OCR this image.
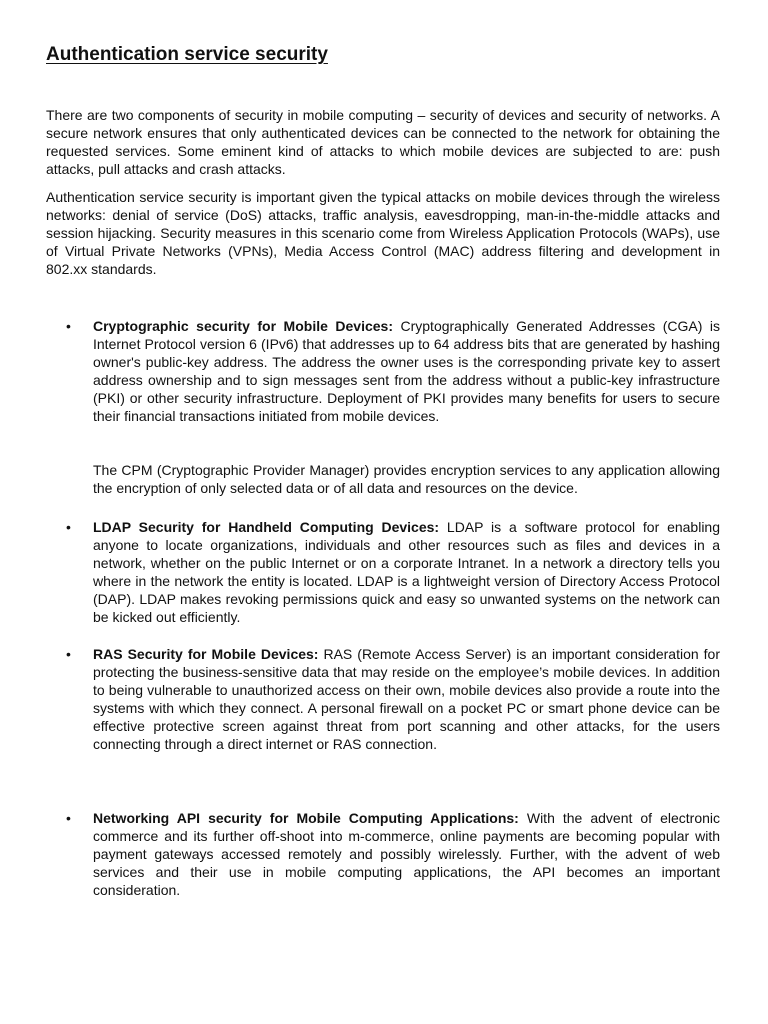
Authentication service security

There are two components of security in mobile computing – security of devices and security of networks. A secure network ensures that only authenticated devices can be connected to the network for obtaining the requested services. Some eminent kind of attacks to which mobile devices are subjected to are: push attacks, pull attacks and crash attacks.

Authentication service security is important given the typical attacks on mobile devices through the wireless networks: denial of service (DoS) attacks, traffic analysis, eavesdropping, man-in-the-middle attacks and session hijacking. Security measures in this scenario come from Wireless Application Protocols (WAPs), use of Virtual Private Networks (VPNs), Media Access Control (MAC) address filtering and development in 802.xx standards.

• Cryptographic security for Mobile Devices: Cryptographically Generated Addresses (CGA) is Internet Protocol version 6 (IPv6) that addresses up to 64 address bits that are generated by hashing owner's public-key address. The address the owner uses is the corresponding private key to assert address ownership and to sign messages sent from the address without a public-key infrastructure (PKI) or other security infrastructure. Deployment of PKI provides many benefits for users to secure their financial transactions initiated from mobile devices.

The CPM (Cryptographic Provider Manager) provides encryption services to any application allowing the encryption of only selected data or of all data and resources on the device.

• LDAP Security for Handheld Computing Devices: LDAP is a software protocol for enabling anyone to locate organizations, individuals and other resources such as files and devices in a network, whether on the public Internet or on a corporate Intranet. In a network a directory tells you where in the network the entity is located. LDAP is a lightweight version of Directory Access Protocol (DAP). LDAP makes revoking permissions quick and easy so unwanted systems on the network can be kicked out efficiently.

• RAS Security for Mobile Devices: RAS (Remote Access Server) is an important consideration for protecting the business-sensitive data that may reside on the employee’s mobile devices. In addition to being vulnerable to unauthorized access on their own, mobile devices also provide a route into the systems with which they connect. A personal firewall on a pocket PC or smart phone device can be effective protective screen against threat from port scanning and other attacks, for the users connecting through a direct internet or RAS connection.

• Networking API security for Mobile Computing Applications: With the advent of electronic commerce and its further off-shoot into m-commerce, online payments are becoming popular with payment gateways accessed remotely and possibly wirelessly. Further, with the advent of web services and their use in mobile computing applications, the API becomes an important consideration.
